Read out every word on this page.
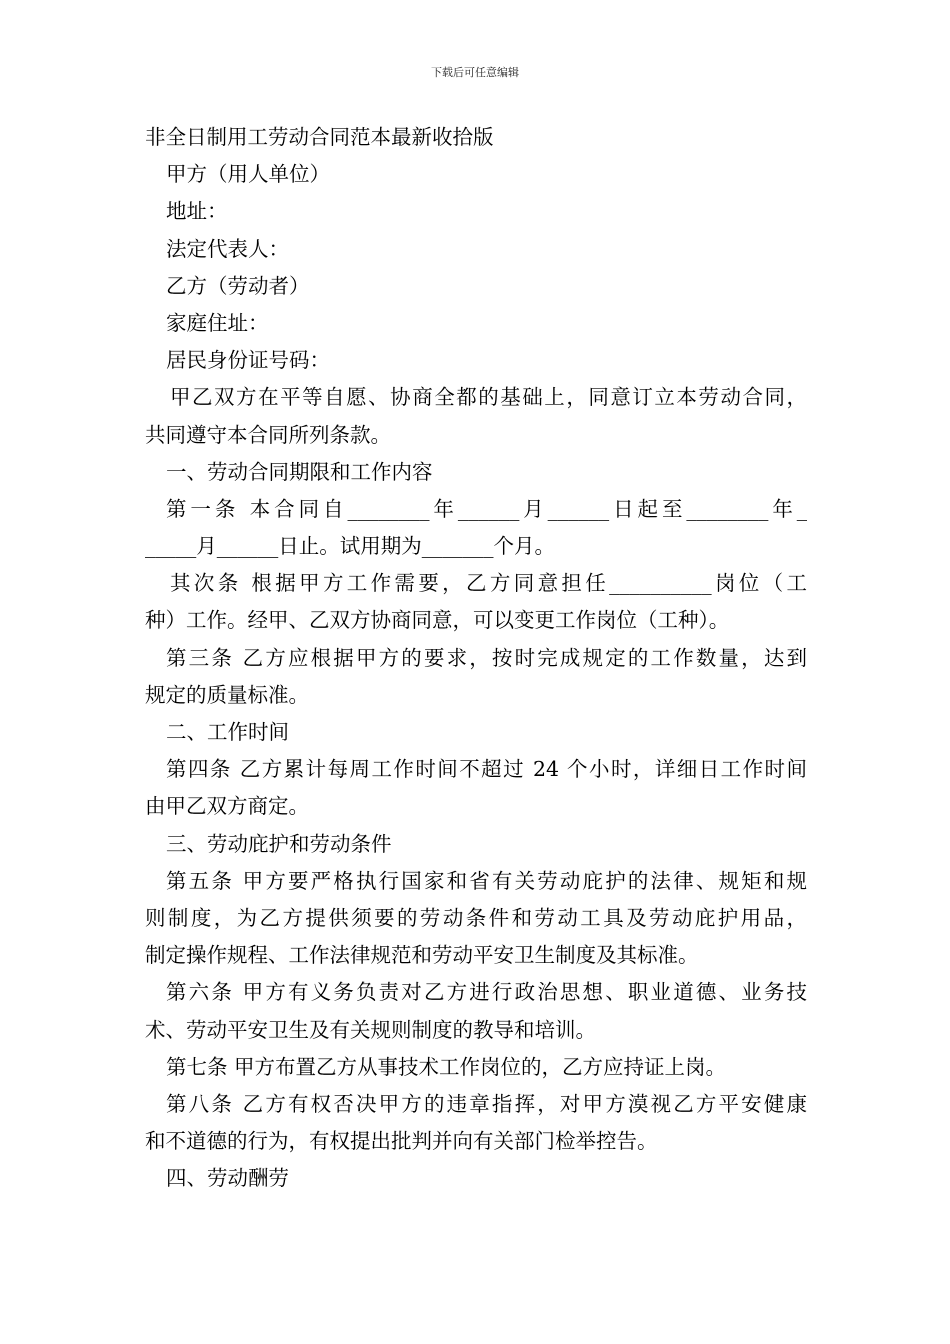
下载后可任意编辑
非全日制用工劳动合同范本最新收拾版
甲方（用人单位）
地址：
法定代表人：
乙方（劳动者）
家庭住址：
居民身份证号码：
甲乙双方在平等自愿、协商全都的基础上，同意订立本劳动合同，
共同遵守本合同所列条款。
一、劳动合同期限和工作内容
第一条 本合同自________年______月______日起至________年_
_____月______日止。试用期为_______个月。
其次条 根据甲方工作需要，乙方同意担任__________岗位（工
种）工作。经甲、乙双方协商同意，可以变更工作岗位（工种）。
第三条 乙方应根据甲方的要求，按时完成规定的工作数量，达到
规定的质量标准。
二、工作时间
第四条 乙方累计每周工作时间不超过 24 个小时，详细日工作时间
由甲乙双方商定。
三、劳动庇护和劳动条件
第五条 甲方要严格执行国家和省有关劳动庇护的法律、规矩和规
则制度，为乙方提供须要的劳动条件和劳动工具及劳动庇护用品，
制定操作规程、工作法律规范和劳动平安卫生制度及其标准。
第六条 甲方有义务负责对乙方进行政治思想、职业道德、业务技
术、劳动平安卫生及有关规则制度的教导和培训。
第七条 甲方布置乙方从事技术工作岗位的，乙方应持证上岗。
第八条 乙方有权否决甲方的违章指挥，对甲方漠视乙方平安健康
和不道德的行为，有权提出批判并向有关部门检举控告。
四、劳动酬劳
